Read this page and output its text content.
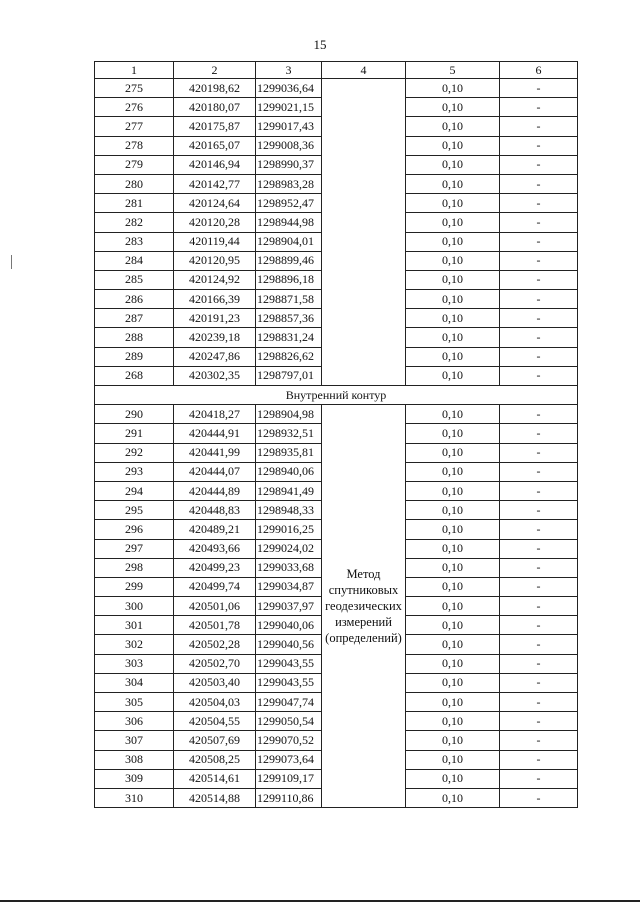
15
1	2	3	4	5	6
275	420198,62	1299036,64		0,10	-
276	420180,07	1299021,15		0,10	-
277	420175,87	1299017,43		0,10	-
278	420165,07	1299008,36		0,10	-
279	420146,94	1298990,37		0,10	-
280	420142,77	1298983,28		0,10	-
281	420124,64	1298952,47		0,10	-
282	420120,28	1298944,98		0,10	-
283	420119,44	1298904,01		0,10	-
284	420120,95	1298899,46		0,10	-
285	420124,92	1298896,18		0,10	-
286	420166,39	1298871,58		0,10	-
287	420191,23	1298857,36		0,10	-
288	420239,18	1298831,24		0,10	-
289	420247,86	1298826,62		0,10	-
268	420302,35	1298797,01		0,10	-
Внутренний контур					
290	420418,27	1298904,98	Метод спутниковых геодезических измерений (определений)	0,10	-
291	420444,91	1298932,51		0,10	-
292	420441,99	1298935,81		0,10	-
293	420444,07	1298940,06		0,10	-
294	420444,89	1298941,49		0,10	-
295	420448,83	1298948,33		0,10	-
296	420489,21	1299016,25		0,10	-
297	420493,66	1299024,02		0,10	-
298	420499,23	1299033,68		0,10	-
299	420499,74	1299034,87		0,10	-
300	420501,06	1299037,97		0,10	-
301	420501,78	1299040,06		0,10	-
302	420502,28	1299040,56		0,10	-
303	420502,70	1299043,55		0,10	-
304	420503,40	1299043,55		0,10	-
305	420504,03	1299047,74		0,10	-
306	420504,55	1299050,54		0,10	-
307	420507,69	1299070,52		0,10	-
308	420508,25	1299073,64		0,10	-
309	420514,61	1299109,17		0,10	-
310	420514,88	1299110,86		0,10	-
